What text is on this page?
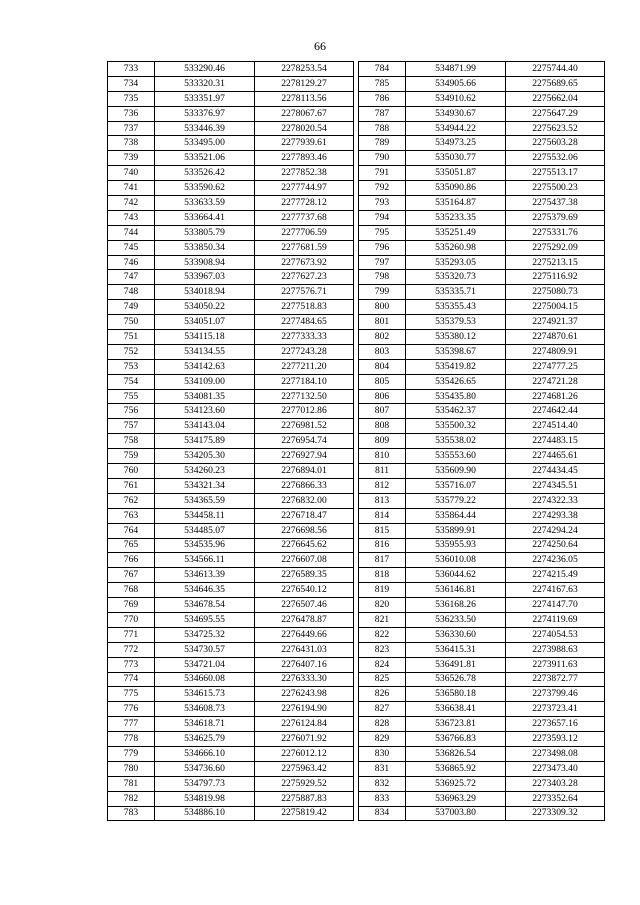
66
733	533290.46	2278253.54
734	533320.31	2278129.27
735	533351.97	2278113.56
736	533376.97	2278067.67
737	533446.39	2278020.54
738	533495.00	2277939.61
739	533521.06	2277893.46
740	533526.42	2277852.38
741	533590.62	2277744.97
742	533633.59	2277728.12
743	533664.41	2277737.68
744	533805.79	2277706.59
745	533850.34	2277681.59
746	533908.94	2277673.92
747	533967.03	2277627.23
748	534018.94	2277576.71
749	534050.22	2277518.83
750	534051.07	2277484.65
751	534115.18	2277333.33
752	534134.55	2277243.28
753	534142.63	2277211.20
754	534109.00	2277184.10
755	534081.35	2277132.50
756	534123.60	2277012.86
757	534143.04	2276981.52
758	534175.89	2276954.74
759	534205.30	2276927.94
760	534260.23	2276894.01
761	534321.34	2276866.33
762	534365.59	2276832.00
763	534458.11	2276718.47
764	534485.07	2276698.56
765	534535.96	2276645.62
766	534566.11	2276607.08
767	534613.39	2276589.35
768	534646.35	2276540.12
769	534678.54	2276507.46
770	534695.55	2276478.87
771	534725.32	2276449.66
772	534730.57	2276431.03
773	534721.04	2276407.16
774	534660.08	2276333.30
775	534615.73	2276243.98
776	534608.73	2276194.90
777	534618.71	2276124.84
778	534625.79	2276071.92
779	534666.10	2276012.12
780	534736.60	2275963.42
781	534797.73	2275929.52
782	534819.98	2275887.83
783	534886.10	2275819.42
784	534871.99	2275744.40
785	534905.66	2275689.65
786	534910.62	2275662.04
787	534930.67	2275647.29
788	534944.22	2275623.52
789	534973.25	2275603.28
790	535030.77	2275532.06
791	535051.87	2275513.17
792	535090.86	2275500.23
793	535164.87	2275437.38
794	535233.35	2275379.69
795	535251.49	2275331.76
796	535260.98	2275292.09
797	535293.05	2275213.15
798	535320.73	2275116.92
799	535335.71	2275080.73
800	535355.43	2275004.15
801	535379.53	2274921.37
802	535380.12	2274870.61
803	535398.67	2274809.91
804	535419.82	2274777.25
805	535426.65	2274721.28
806	535435.80	2274681.26
807	535462.37	2274642.44
808	535500.32	2274514.40
809	535538.02	2274483.15
810	535553.60	2274465.61
811	535609.90	2274434.45
812	535716.07	2274345.51
813	535779.22	2274322.33
814	535864.44	2274293.38
815	535899.91	2274294.24
816	535955.93	2274250.64
817	536010.08	2274236.05
818	536044.62	2274215.49
819	536146.81	2274167.63
820	536168.26	2274147.70
821	536233.50	2274119.69
822	536330.60	2274054.53
823	536415.31	2273988.63
824	536491.81	2273911.63
825	536526.78	2273872.77
826	536580.18	2273799.46
827	536638.41	2273723.41
828	536723.81	2273657.16
829	536766.83	2273593.12
830	536826.54	2273498.08
831	536865.92	2273473.40
832	536925.72	2273403.28
833	536963.29	2273352.64
834	537003.80	2273309.32
